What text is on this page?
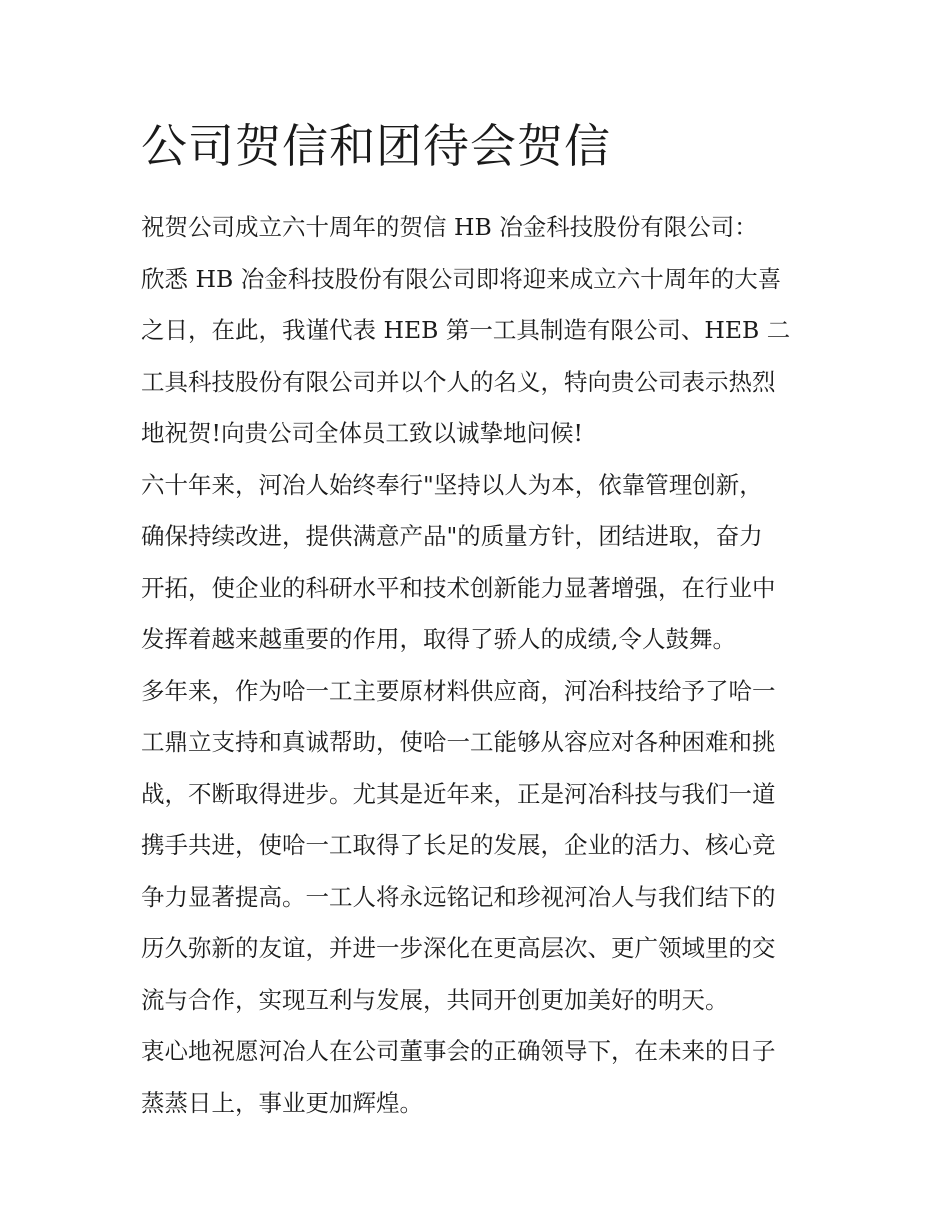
公司贺信和团待会贺信

祝贺公司成立六十周年的贺信 HB 冶金科技股份有限公司：

欣悉 HB 冶金科技股份有限公司即将迎来成立六十周年的大喜
之日，在此，我谨代表 HEB 第一工具制造有限公司、HEB 二
工具科技股份有限公司并以个人的名义，特向贵公司表示热烈
地祝贺!向贵公司全体员工致以诚挚地问候!

六十年来，河冶人始终奉行"坚持以人为本，依靠管理创新，
确保持续改进，提供满意产品"的质量方针，团结进取，奋力
开拓，使企业的科研水平和技术创新能力显著增强，在行业中
发挥着越来越重要的作用，取得了骄人的成绩,令人鼓舞。

多年来，作为哈一工主要原材料供应商，河冶科技给予了哈一
工鼎立支持和真诚帮助，使哈一工能够从容应对各种困难和挑
战，不断取得进步。尤其是近年来，正是河冶科技与我们一道
携手共进，使哈一工取得了长足的发展，企业的活力、核心竞
争力显著提高。一工人将永远铭记和珍视河冶人与我们结下的
历久弥新的友谊，并进一步深化在更高层次、更广领域里的交
流与合作，实现互利与发展，共同开创更加美好的明天。

衷心地祝愿河冶人在公司董事会的正确领导下，在未来的日子
蒸蒸日上，事业更加辉煌。
